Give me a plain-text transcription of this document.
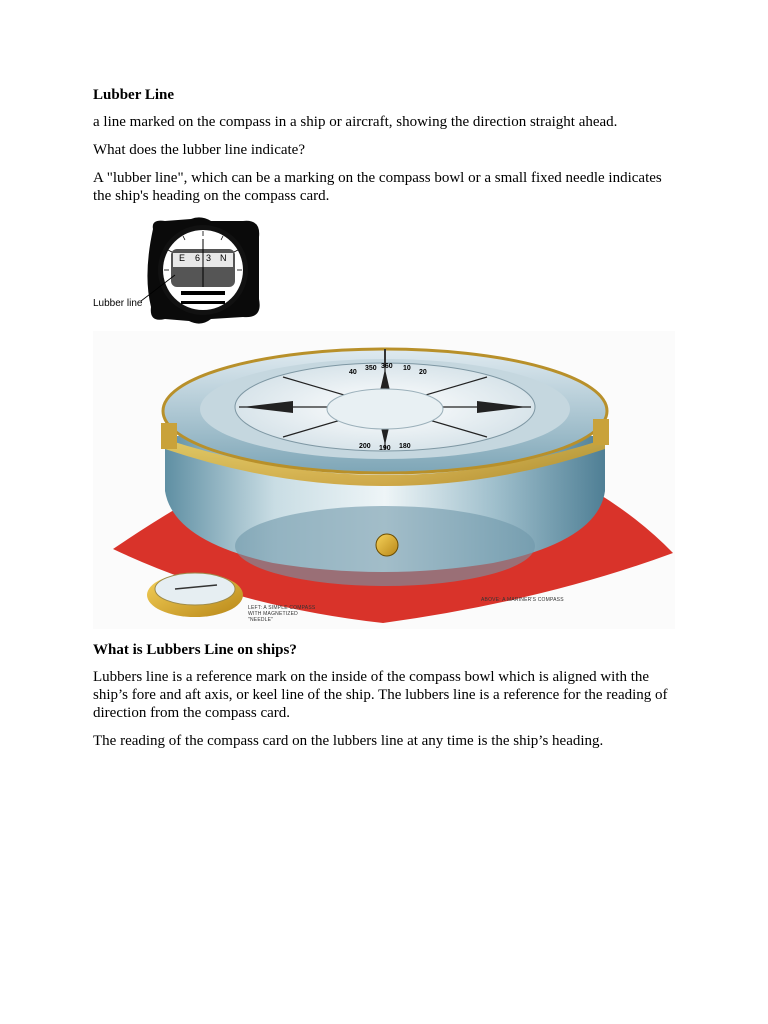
Lubber Line

a line marked on the compass in a ship or aircraft, showing the direction straight ahead.

What does the lubber line indicate?

A "lubber line", which can be a marking on the compass bowl or a small fixed needle indicates the ship's heading on the compass card.

E 6 3 N
Lubber line
40
350 360 10
20
200 190 180
LEFT: A SIMPLE COMPASS WITH MAGNETIZED "NEEDLE"
ABOVE: A MARINER'S COMPASS
What is Lubbers Line on ships?

Lubbers line is a reference mark on the inside of the compass bowl which is aligned with the ship’s fore and aft axis, or keel line of the ship. The lubbers line is a reference for the reading of direction from the compass card.

The reading of the compass card on the lubbers line at any time is the ship’s heading.
